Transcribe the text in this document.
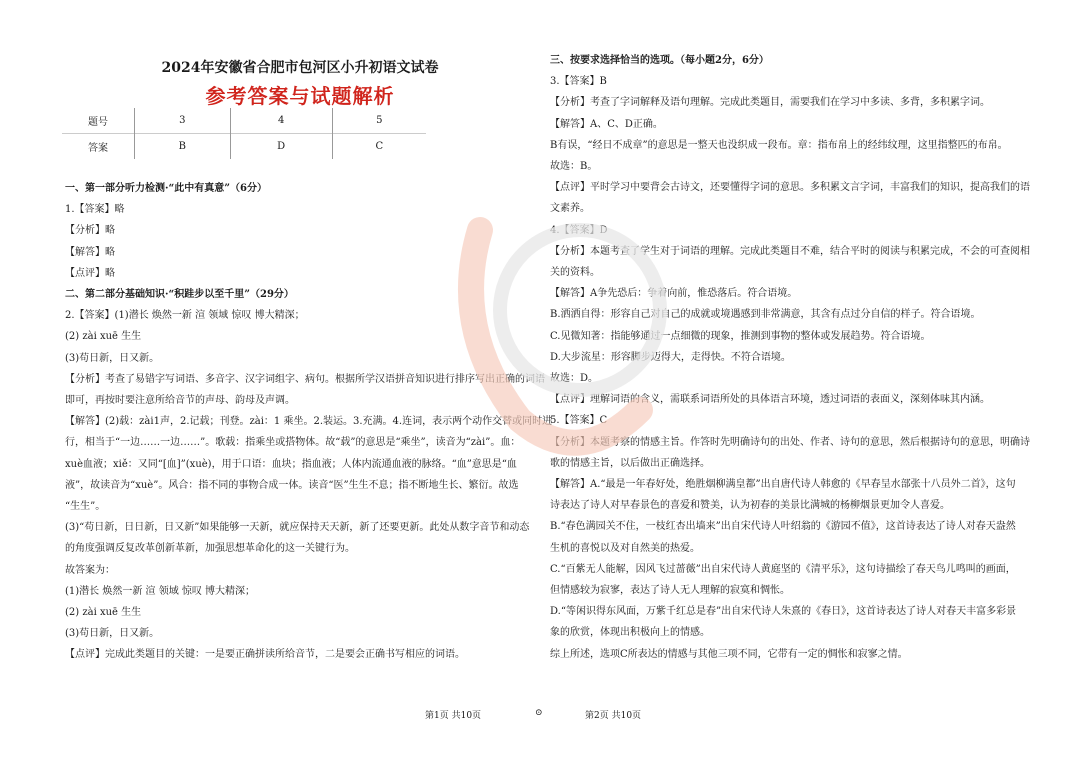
2024年安徽省合肥市包河区小升初语文试卷
参考答案与试题解析
题号	3	4	5
答案	B	D	C
一、第一部分听力检测·“此中有真意”（6分）
1.【答案】略
【分析】略
【解答】略
【点评】略
二、第二部分基础知识·“积跬步以至千里”（29分）
2.【答案】(1)潜长 焕然一新 渲 领域 惊叹 博大精深；
(2) zài xuē 生生
(3)苟日新，日又新。
【分析】考查了易错字写词语、多音字、汉字词组字、病句。根据所学汉语拼音知识进行排序写出正确的词语
即可，再按时要注意所给音节的声母、韵母及声调。
【解答】(2)载：zài1声，2.记载；刊登。zài：1 乘坐。2.装运。3.充满。4.连词，表示两个动作交替或同时进
行，相当于“一边……一边……”。歌载：指乘坐或搭物体。故“载”的意思是“乘坐”，读音为“zài”。血：
xuè血液；xiě：又同“[血]”(xuè)，用于口语：血块；指血液；人体内流通血液的脉络。“血”意思是“血
液”，故读音为“xuè”。风合：指不同的事物合成一体。读音“医”生生不息；指不断地生长、繁衍。故选
“生生”。
(3)“苟日新，日日新，日又新”如果能够一天新，就应保持天天新，新了还要更新。此处从数字音节和动态
的角度强调反复改革创新革新，加强思想革命化的这一关键行为。
故答案为：
(1)潜长 焕然一新 渲 领域 惊叹 博大精深；
(2) zài xuē 生生
(3)苟日新，日又新。
【点评】完成此类题目的关键：一是要正确拼读所给音节，二是要会正确书写相应的词语。
第1页 共10页	⊙
三、按要求选择恰当的选项。（每小题2分，6分）
3.【答案】B
【分析】考查了字词解释及语句理解。完成此类题目，需要我们在学习中多读、多背，多积累字词。
【解答】A、C、D正确。
B有误，“经日不成章”的意思是一整天也没织成一段布。章：指布帛上的经纬纹理，这里指整匹的布帛。
故选：B。
【点评】平时学习中要背会古诗文，还要懂得字词的意思。多积累文言字词，丰富我们的知识，提高我们的语
文素养。
4.【答案】D
【分析】本题考查了学生对于词语的理解。完成此类题目不难，结合平时的阅读与积累完成，不会的可查阅相
关的资料。
【解答】A争先恐后：争着向前，惟恐落后。符合语境。
B.洒洒自得：形容自己对自己的成就或境遇感到非常满意，其含有点过分自信的样子。符合语境。
C.见微知著：指能够通过一点细微的现象，推测到事物的整体或发展趋势。符合语境。
D.大步流星：形容脚步迈得大，走得快。不符合语境。
故选：D。
【点评】理解词语的含义，需联系词语所处的具体语言环境，透过词语的表面义，深刻体味其内涵。
5.【答案】C
【分析】本题考察的情感主旨。作答时先明确诗句的出处、作者、诗句的意思，然后根据诗句的意思，明确诗
歌的情感主旨，以后做出正确选择。
【解答】A.“最是一年春好处，绝胜烟柳满皇都”出自唐代诗人韩愈的《早春呈水部张十八员外二首》，这句
诗表达了诗人对早春景色的喜爱和赞美，认为初春的美景比满城的杨柳烟景更加令人喜爱。
B.“春色满园关不住，一枝红杏出墙来”出自宋代诗人叶绍翁的《游园不值》，这首诗表达了诗人对春天盎然
生机的喜悦以及对自然美的热爱。
C.“百紫无人能解，因风飞过蔷薇”出自宋代诗人黄庭坚的《清平乐》，这句诗描绘了春天鸟儿鸣叫的画面，
但情感较为寂寥，表达了诗人无人理解的寂寞和惆怅。
D.“等闲识得东风面，万紫千红总是春”出自宋代诗人朱熹的《春日》，这首诗表达了诗人对春天丰富多彩景
象的欣赏，体现出积极向上的情感。
综上所述，选项C所表达的情感与其他三项不同，它带有一定的惆怅和寂寥之情。
第2页 共10页
